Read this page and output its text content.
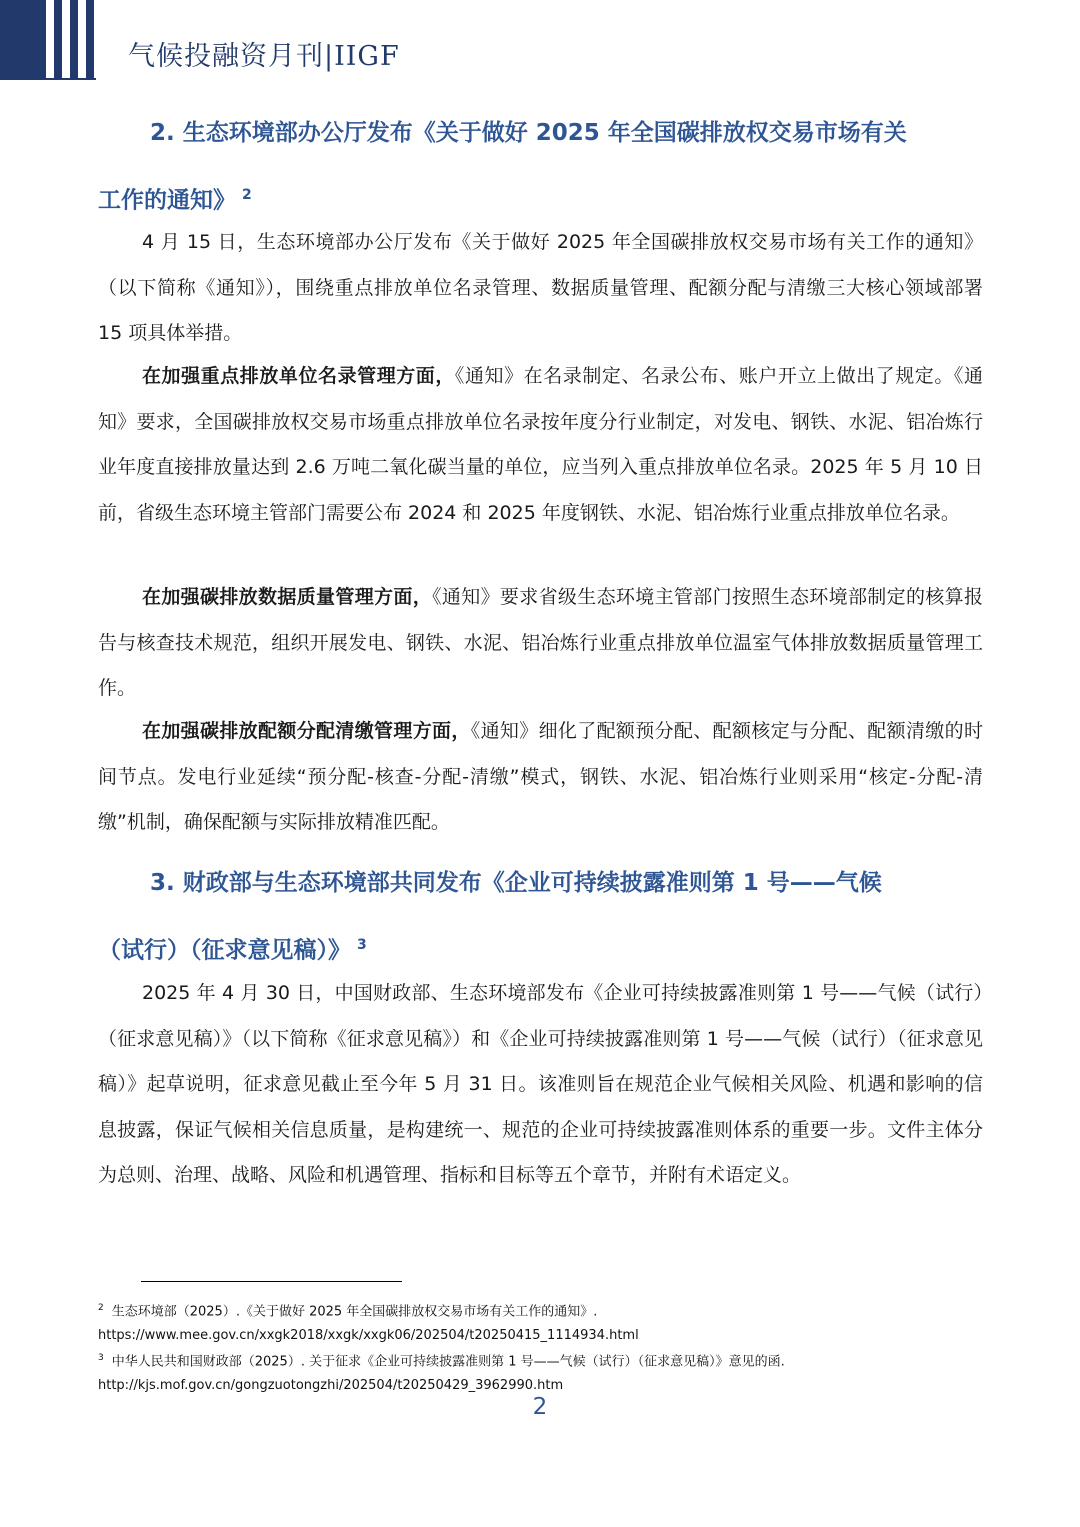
气候投融资月刊|IIGF
2. 生态环境部办公厅发布《关于做好 2025 年全国碳排放权交易市场有关
工作的通知》 $^2$

4 月 15 日，生态环境部办公厅发布《关于做好 2025 年全国碳排放权交易市场有关工作的通知》（以下简称《通知》），围绕重点排放单位名录管理、数据质量管理、配额分配与清缴三大核心领域部署 15 项具体举措。

在加强重点排放单位名录管理方面，《通知》在名录制定、名录公布、账户开立上做出了规定。《通知》要求，全国碳排放权交易市场重点排放单位名录按年度分行业制定，对发电、钢铁、水泥、铝冶炼行业年度直接排放量达到 2.6 万吨二氧化碳当量的单位，应当列入重点排放单位名录。2025 年 5 月 10 日前，省级生态环境主管部门需要公布 2024 和 2025 年度钢铁、水泥、铝冶炼行业重点排放单位名录。

在加强碳排放数据质量管理方面，《通知》要求省级生态环境主管部门按照生态环境部制定的核算报告与核查技术规范，组织开展发电、钢铁、水泥、铝冶炼行业重点排放单位温室气体排放数据质量管理工作。

在加强碳排放配额分配清缴管理方面，《通知》细化了配额预分配、配额核定与分配、配额清缴的时间节点。发电行业延续“预分配-核查-分配-清缴”模式，钢铁、水泥、铝冶炼行业则采用“核定-分配-清缴”机制，确保配额与实际排放精准匹配。

3. 财政部与生态环境部共同发布《企业可持续披露准则第 1 号——气候
（试行）（征求意见稿）》 $^3$

2025 年 4 月 30 日，中国财政部、生态环境部发布《企业可持续披露准则第 1 号——气候（试行）（征求意见稿）》（以下简称《征求意见稿》）和《企业可持续披露准则第 1 号——气候（试行）（征求意见稿）》起草说明，征求意见截止至今年 5 月 31 日。该准则旨在规范企业气候相关风险、机遇和影响的信息披露，保证气候相关信息质量，是构建统一、规范的企业可持续披露准则体系的重要一步。文件主体分为总则、治理、战略、风险和机遇管理、指标和目标等五个章节，并附有术语定义。

$^2$ 生态环境部（2025）.《关于做好 2025 年全国碳排放权交易市场有关工作的通知》.
https://www.mee.gov.cn/xxgk2018/xxgk/xxgk06/202504/t20250415_1114934.html
$^3$ 中华人民共和国财政部（2025）. 关于征求《企业可持续披露准则第 1 号——气候（试行）（征求意见稿）》意见的函.
http://kjs.mof.gov.cn/gongzuotongzhi/202504/t20250429_3962990.htm
2
